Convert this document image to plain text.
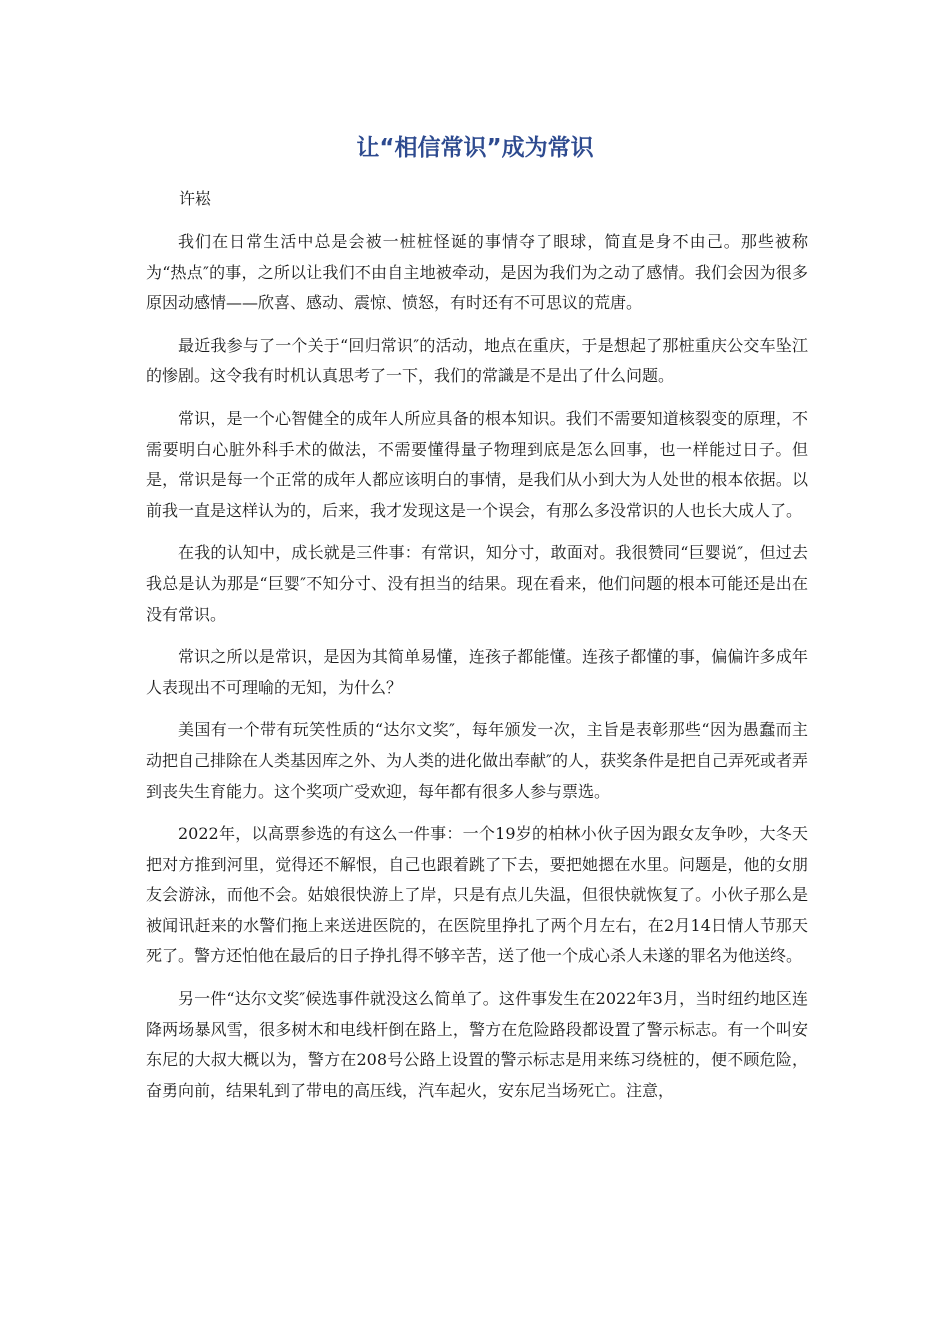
让“相信常识”成为常识
许崧

我们在日常生活中总是会被一桩桩怪诞的事情夺了眼球，简直是身不由己。那些被称为“热点″的事，之所以让我们不由自主地被牵动，是因为我们为之动了感情。我们会因为很多原因动感情——欣喜、感动、震惊、愤怒，有时还有不可思议的荒唐。

最近我参与了一个关于“回归常识″的活动，地点在重庆，于是想起了那桩重庆公交车坠江的惨剧。这令我有时机认真思考了一下，我们的常識是不是出了什么问题。

常识，是一个心智健全的成年人所应具备的根本知识。我们不需要知道核裂变的原理，不需要明白心脏外科手术的做法，不需要懂得量子物理到底是怎么回事，也一样能过日子。但是，常识是每一个正常的成年人都应该明白的事情，是我们从小到大为人处世的根本依据。以前我一直是这样认为的，后来，我才发现这是一个误会，有那么多没常识的人也长大成人了。

在我的认知中，成长就是三件事：有常识，知分寸，敢面对。我很赞同“巨婴说″，但过去我总是认为那是“巨婴″不知分寸、没有担当的结果。现在看来，他们问题的根本可能还是出在没有常识。

常识之所以是常识，是因为其简单易懂，连孩子都能懂。连孩子都懂的事，偏偏许多成年人表现出不可理喻的无知，为什么？

美国有一个带有玩笑性质的“达尔文奖″，每年颁发一次，主旨是表彰那些“因为愚蠢而主动把自己排除在人类基因库之外、为人类的进化做出奉献″的人，获奖条件是把自己弄死或者弄到丧失生育能力。这个奖项广受欢迎，每年都有很多人参与票选。

2022年，以高票参选的有这么一件事：一个19岁的柏林小伙子因为跟女友争吵，大冬天把对方推到河里，觉得还不解恨，自己也跟着跳了下去，要把她摁在水里。问题是，他的女朋友会游泳，而他不会。姑娘很快游上了岸，只是有点儿失温，但很快就恢复了。小伙子那么是被闻讯赶来的水警们拖上来送进医院的，在医院里挣扎了两个月左右，在2月14日情人节那天死了。警方还怕他在最后的日子挣扎得不够辛苦，送了他一个成心杀人未遂的罪名为他送终。

另一件“达尔文奖″候选事件就没这么简单了。这件事发生在2022年3月，当时纽约地区连降两场暴风雪，很多树木和电线杆倒在路上，警方在危险路段都设置了警示标志。有一个叫安东尼的大叔大概以为，警方在208号公路上设置的警示标志是用来练习绕桩的，便不顾危险，奋勇向前，结果轧到了带电的高压线，汽车起火，安东尼当场死亡。注意，
